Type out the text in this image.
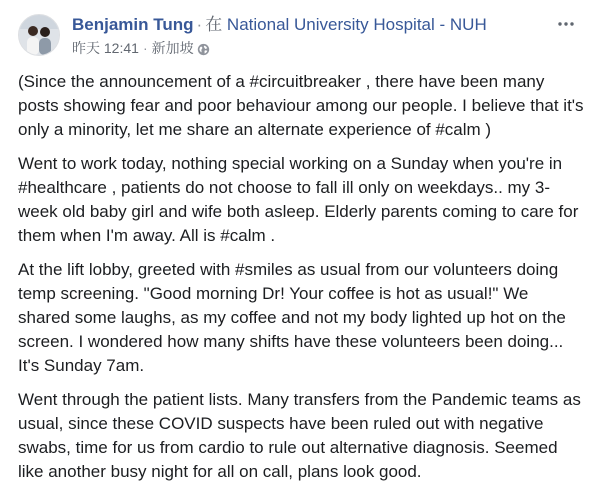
Benjamin Tung · 在 National University Hospital - NUH
昨天 12:41 · 新加坡

(Since the announcement of a #circuitbreaker , there have been many posts showing fear and poor behaviour among our people. I believe that it's only a minority, let me share an alternate experience of #calm )

Went to work today, nothing special working on a Sunday when you're in #healthcare , patients do not choose to fall ill only on weekdays.. my 3-week old baby girl and wife both asleep. Elderly parents coming to care for them when I'm away. All is #calm .

At the lift lobby, greeted with #smiles as usual from our volunteers doing temp screening. "Good morning Dr! Your coffee is hot as usual!" We shared some laughs, as my coffee and not my body lighted up hot on the screen. I wondered how many shifts have these volunteers been doing... It's Sunday 7am.

Went through the patient lists. Many transfers from the Pandemic teams as usual, since these COVID suspects have been ruled out with negative swabs, time for us from cardio to rule out alternative diagnosis. Seemed like another busy night for all on call, plans look good.
